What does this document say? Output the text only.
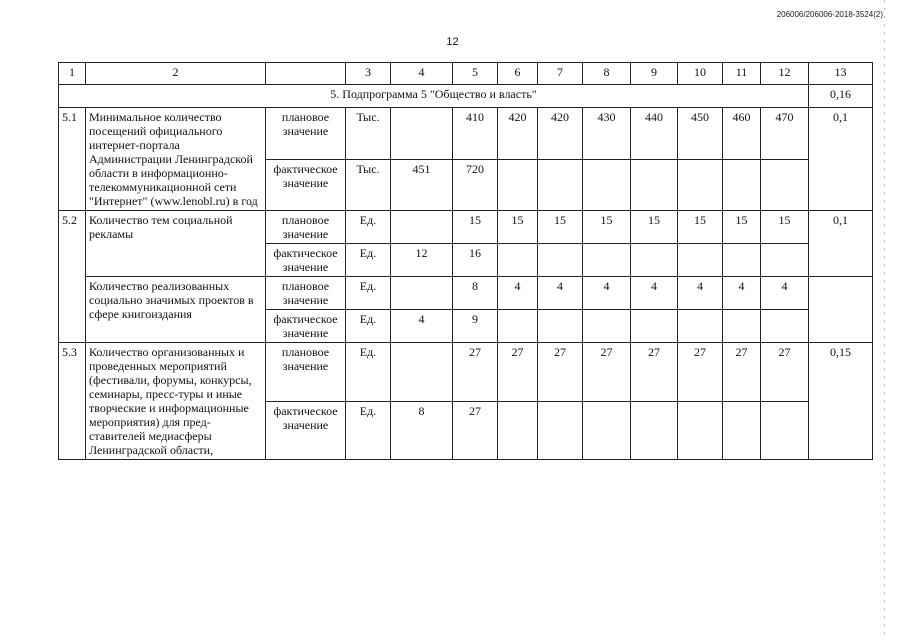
206006/206006-2018-3524(2)
12
1	2		3	4	5	6	7	8	9	10	11	12	13
5. Подпрограмма 5 "Общество и власть"													0,16
5.1	Минимальное количество посещений официального интернет-портала Администрации Ленинградской области в информационно-телекоммуникационной сети "Интернет" (www.lenobl.ru) в год	плановое значение	Тыс.		410	420	420	430	440	450	460	470	0,1
		фактическое значение	Тыс.	451	720								
5.2	Количество тем социальной рекламы	плановое значение	Ед.		15	15	15	15	15	15	15	15	0,1
		фактическое значение	Ед.	12	16								
	Количество реализованных социально значимых проектов в сфере книгоиздания	плановое значение	Ед.		8	4	4	4	4	4	4	4	
		фактическое значение	Ед.	4	9								
5.3	Количество организованных и проведенных мероприятий (фестивали, форумы, конкурсы, семинары, пресс-туры и иные творческие и информационные мероприятия) для пред-ставителей медиасферы Ленинградской области,	плановое значение	Ед.		27	27	27	27	27	27	27	27	0,15
		фактическое значение	Ед.	8	27								
